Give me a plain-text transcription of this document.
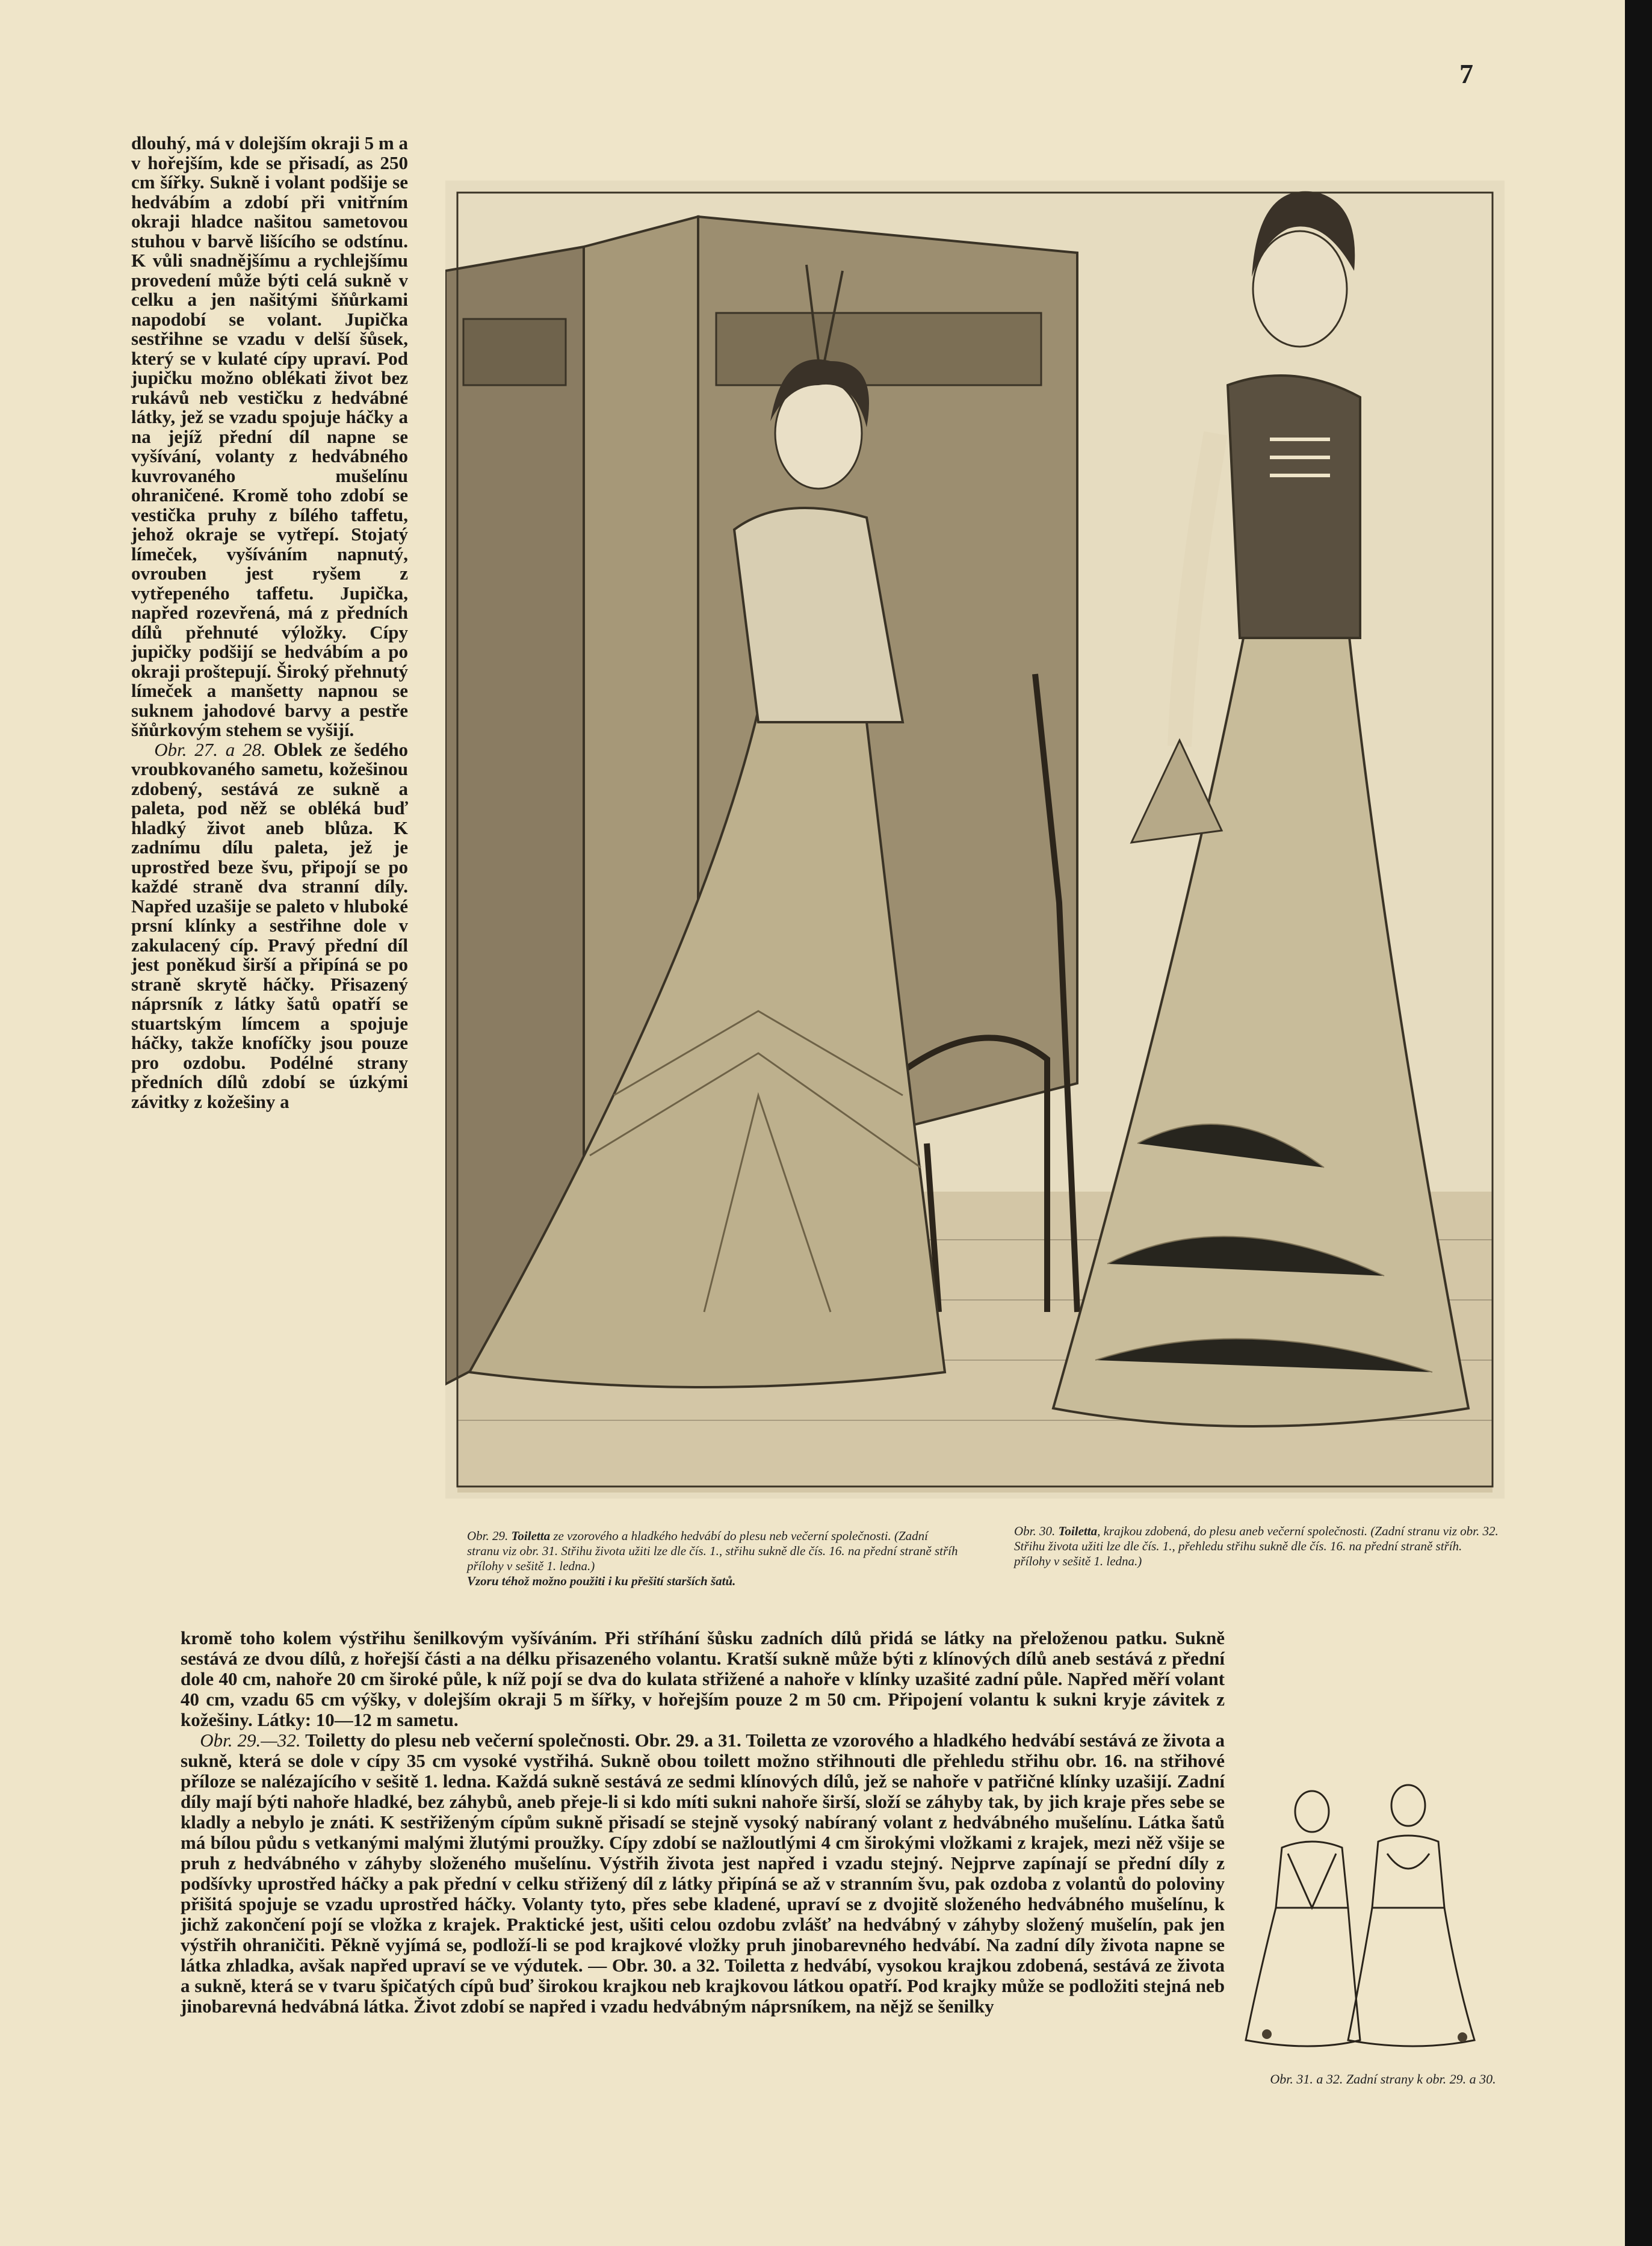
7

dlouhý, má v dolejším okraji 5 m a v hořejším, kde se přisadí, as 250 cm šířky. Sukně i volant podšije se hedvábím a zdobí při vnitřním okraji hladce našitou sametovou stuhou v barvě lišícího se odstínu. K vůli snadnějšímu a rychlejšímu provedení může býti celá sukně v celku a jen našitými šňůrkami napodobí se volant. Jupička sestřihne se vzadu v delší šůsek, který se v kulaté cípy upraví. Pod jupičku možno oblékati život bez rukávů neb vestičku z hedvábné látky, jež se vzadu spojuje háčky a na jejíž přední díl napne se vyšívání, volanty z hedvábného kuvrovaného mušelínu ohraničené. Kromě toho zdobí se vestička pruhy z bílého taffetu, jehož okraje se vytřepí. Stojatý límeček, vyšíváním napnutý, ovrouben jest ryšem z vytřepeného taffetu. Jupička, napřed rozevřená, má z předních dílů přehnuté výložky. Cípy jupičky podšijí se hedvábím a po okraji proštepují. Široký přehnutý límeček a manšetty napnou se suknem jahodové barvy a pestře šňůrkovým stehem se vyšijí.

Obr. 27. a 28. Oblek ze šedého vroubkovaného sametu, kožešinou zdobený, sestává ze sukně a paleta, pod něž se obléká buď hladký život aneb blůza. K zadnímu dílu paleta, jež je uprostřed beze švu, připojí se po každé straně dva stranní díly. Napřed uzašije se paleto v hluboké prsní klínky a sestřihne dole v zakulacený cíp. Pravý přední díl jest poněkud širší a připíná se po straně skrytě háčky. Přisazený náprsník z látky šatů opatří se stuartským límcem a spojuje háčky, takže knofíčky jsou pouze pro ozdobu. Podélné strany předních dílů zdobí se úzkými závitky z kožešiny a

Obr. 29. Toiletta ze vzorového a hladkého hedvábí do plesu neb večerní společnosti. (Zadní stranu viz obr. 31. Střihu života užiti lze dle čís. 1., střihu sukně dle čís. 16. na přední straně stříh přílohy v sešitě 1. ledna.)
Vzoru téhož možno použiti i ku přešití starších šatů.
Obr. 30. Toiletta, krajkou zdobená, do plesu aneb večerní společnosti. (Zadní stranu viz obr. 32. Střihu života užiti lze dle čís. 1., přehledu střihu sukně dle čís. 16. na přední straně stříh. přílohy v sešitě 1. ledna.)

kromě toho kolem výstřihu šenilkovým vyšíváním. Při stříhání šůsku zadních dílů přidá se látky na přeloženou patku. Sukně sestává ze dvou dílů, z hořejší části a na délku přisazeného volantu. Kratší sukně může býti z klínových dílů aneb sestává z přední dole 40 cm, nahoře 20 cm široké půle, k níž pojí se dva do kulata střižené a nahoře v klínky uzašité zadní půle. Napřed měří volant 40 cm, vzadu 65 cm výšky, v dolejším okraji 5 m šířky, v hořejším pouze 2 m 50 cm. Připojení volantu k sukni kryje závitek z kožešiny. Látky: 10—12 m sametu.

Obr. 29.—32. Toiletty do plesu neb večerní společnosti. Obr. 29. a 31. Toiletta ze vzorového a hladkého hedvábí sestává ze života a sukně, která se dole v cípy 35 cm vysoké vystřihá. Sukně obou toilett možno střihnouti dle přehledu střihu obr. 16. na střihové příloze se nalézajícího v sešitě 1. ledna. Každá sukně sestává ze sedmi klínových dílů, jež se nahoře v patřičné klínky uzašijí. Zadní díly mají býti nahoře hladké, bez záhybů, aneb přeje-li si kdo míti sukni nahoře širší, složí se záhyby tak, by jich kraje přes sebe se kladly a nebylo je znáti. K sestřiženým cípům sukně přisadí se stejně vysoký nabíraný volant z hedvábného mušelínu. Látka šatů má bílou půdu s vetkanými malými žlutými proužky. Cípy zdobí se nažloutlými 4 cm širokými vložkami z krajek, mezi něž všije se pruh z hedvábného v záhyby složeného mušelínu. Výstřih života jest napřed i vzadu stejný. Nejprve zapínají se přední díly z podšívky uprostřed háčky a pak přední v celku střižený díl z látky připíná se až v stranním švu, pak ozdoba z volantů do poloviny přišitá spojuje se vzadu uprostřed háčky. Volanty tyto, přes sebe kladené, upraví se z dvojitě složeného hedvábného mušelínu, k jichž zakončení pojí se vložka z krajek. Praktické jest, ušiti celou ozdobu zvlášť na hedvábný v záhyby složený mušelín, pak jen výstřih ohraničiti. Pěkně vyjímá se, podloží-li se pod krajkové vložky pruh jinobarevného hedvábí. Na zadní díly života napne se látka zhladka, avšak napřed upraví se ve výdutek. — Obr. 30. a 32. Toiletta z hedvábí, vysokou krajkou zdobená, sestává ze života a sukně, která se v tvaru špičatých cípů buď širokou krajkou neb krajkovou látkou opatří. Pod krajky může se podložiti stejná neb jinobarevná hedvábná látka. Život zdobí se napřed i vzadu hedvábným náprsníkem, na nějž se šenilky

Obr. 31. a 32. Zadní strany k obr. 29. a 30.
